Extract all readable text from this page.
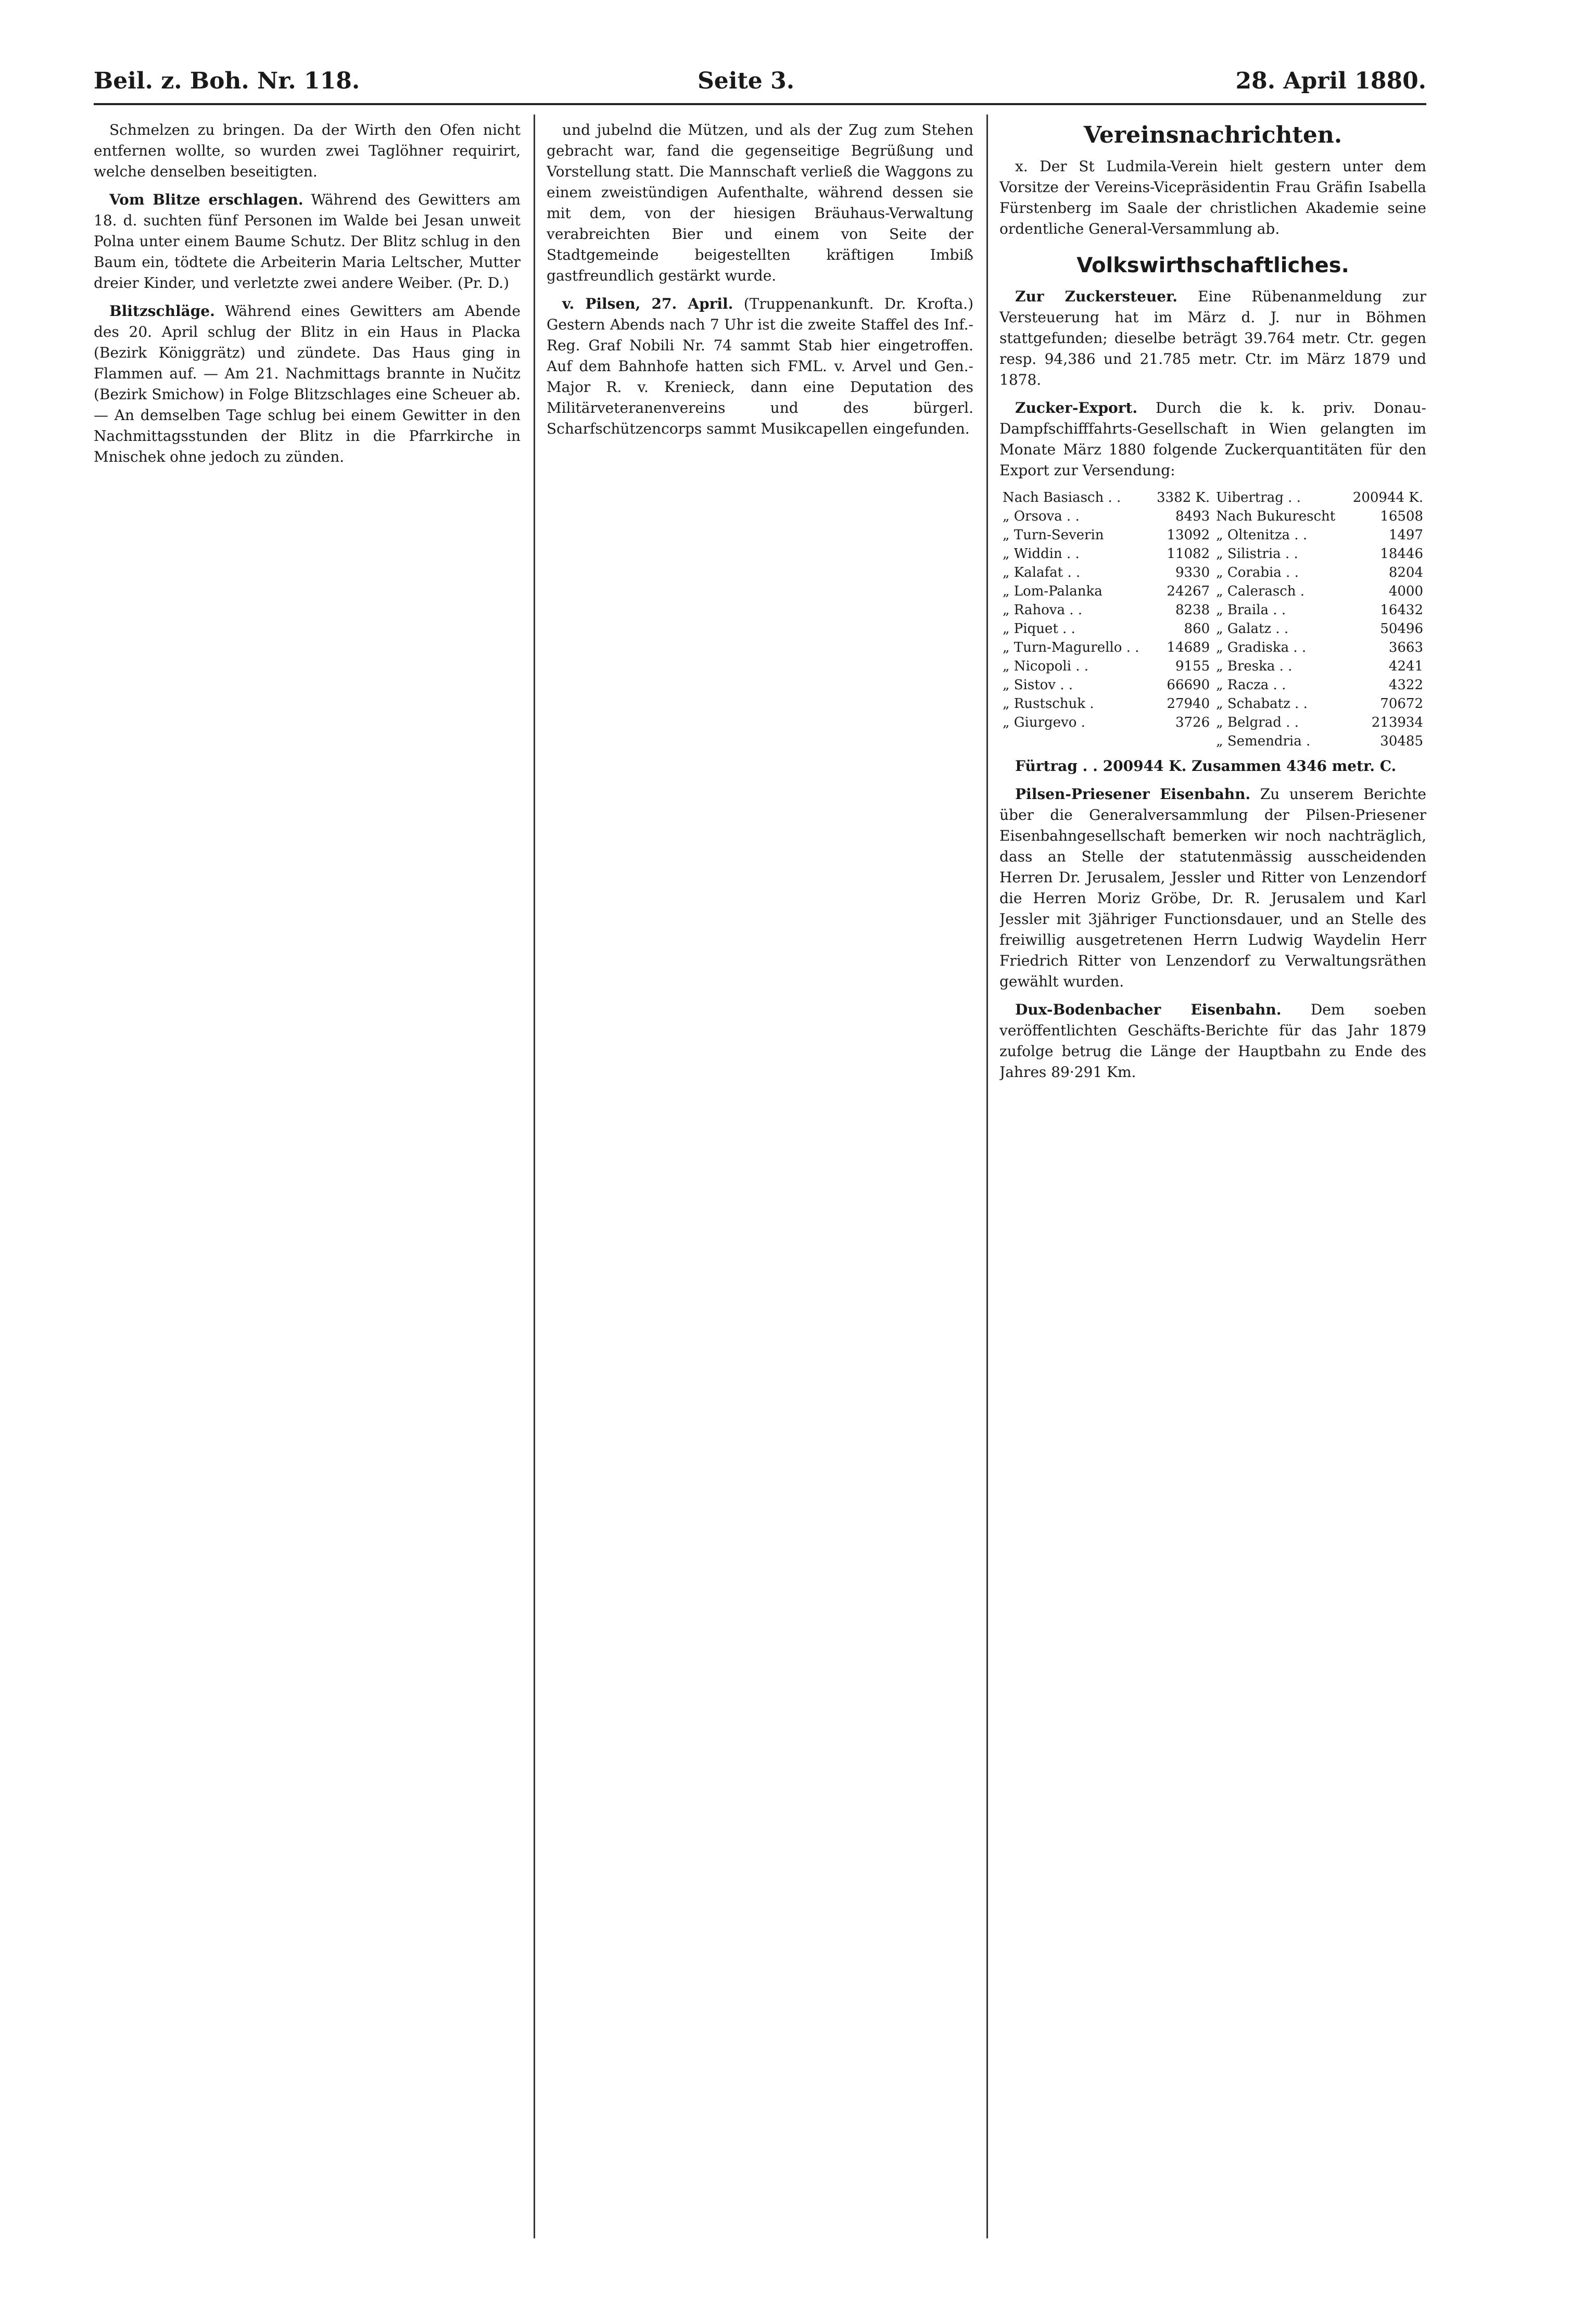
Beil. z. Boh. Nr. 118.	Seite 3.	28. April 1880.

Schmelzen zu bringen. Da der Wirth den Ofen nicht entfernen wollte, so wurden zwei Taglöhner requirirt, welche denselben beseitigten.

Vom Blitze erschlagen. Während des Gewitters am 18. d. suchten fünf Personen im Walde bei Jesan unweit Polna unter einem Baume Schutz. Der Blitz schlug in den Baum ein, tödtete die Arbeiterin Maria Leltscher, Mutter dreier Kinder, und verletzte zwei andere Weiber. (Pr. D.)

Blitzschläge. Während eines Gewitters am Abende des 20. April schlug der Blitz in ein Haus in Placka (Bezirk Königgrätz) und zündete. Das Haus ging in Flammen auf. — Am 21. Nachmittags brannte in Nučitz (Bezirk Smichow) in Folge Blitzschlages eine Scheuer ab. — An demselben Tage schlug bei einem Gewitter in den Nachmittagsstunden der Blitz in die Pfarrkirche in Mnischek ohne jedoch zu zünden.

und jubelnd die Mützen, und als der Zug zum Stehen gebracht war, fand die gegenseitige Begrüßung und Vorstellung statt. Die Mannschaft verließ die Waggons zu einem zweistündigen Aufenthalte, während dessen sie mit dem, von der hiesigen Bräuhaus-Verwaltung verabreichten Bier und einem von Seite der Stadtgemeinde beigestellten kräftigen Imbiß gastfreundlich gestärkt wurde.

v. Pilsen, 27. April. (Truppenankunft. Dr. Krofta.) Gestern Abends nach 7 Uhr ist die zweite Staffel des Inf.-Reg. Graf Nobili Nr. 74 sammt Stab hier eingetroffen. Auf dem Bahnhofe hatten sich FML. v. Arvel und Gen.-Major R. v. Krenieck, dann eine Deputation des Militärveteranenvereins und des bürgerl. Scharfschützencorps sammt Musikcapellen eingefunden.

Vereinsnachrichten.

x. Der St Ludmila-Verein hielt gestern unter dem Vorsitze der Vereins-Vicepräsidentin Frau Gräfin Isabella Fürstenberg im Saale der christlichen Akademie seine ordentliche General-Versammlung ab.

Volkswirthschaftliches.

Zur Zuckersteuer. Eine Rübenanmeldung zur Versteuerung hat im März d. J. nur in Böhmen stattgefunden; dieselbe beträgt 39.764 metr. Ctr. gegen resp. 94,386 und 21.785 metr. Ctr. im März 1879 und 1878.

Zucker-Export. Durch die k. k. priv. Donau-Dampfschifffahrts-Gesellschaft in Wien gelangten im Monate März 1880 folgende Zuckerquantitäten für den Export zur Versendung:

Nach Basiasch . .	3382 K.	Uibertrag . .	200944 K.
„ Orsova . .	8493	Nach Bukurescht	16508
„ Turn-Severin	13092	„ Oltenitza . .	1497
„ Widdin . .	11082	„ Silistria . .	18446
„ Kalafat . .	9330	„ Corabia . .	8204
„ Lom-Palanka	24267	„ Calerasch .	4000
„ Rahova . .	8238	„ Braila . .	16432
„ Piquet . .	860	„ Galatz . .	50496
„ Turn-Magurello . .	14689	„ Gradiska . .	3663
„ Nicopoli . .	9155	„ Breska . .	4241
„ Sistov . .	66690	„ Racza . .	4322
„ Rustschuk .	27940	„ Schabatz . .	70672
„ Giurgevo .	3726	„ Belgrad . .	213934
		„ Semendria .	30485

Fürtrag . . 200944 K. Zusammen 4346 metr. C.

Pilsen-Priesener Eisenbahn. Zu unserem Berichte über die Generalversammlung der Pilsen-Priesener Eisenbahngesellschaft bemerken wir noch nachträglich, dass an Stelle der statutenmässig ausscheidenden Herren Dr. Jerusalem, Jessler und Ritter von Lenzendorf die Herren Moriz Gröbe, Dr. R. Jerusalem und Karl Jessler mit 3jähriger Functionsdauer, und an Stelle des freiwillig ausgetretenen Herrn Ludwig Waydelin Herr Friedrich Ritter von Lenzendorf zu Verwaltungsräthen gewählt wurden.

Dux-Bodenbacher Eisenbahn. Dem soeben veröffentlichten Geschäfts-Berichte für das Jahr 1879 zufolge betrug die Länge der Hauptbahn zu Ende des Jahres 89·291 Km.
